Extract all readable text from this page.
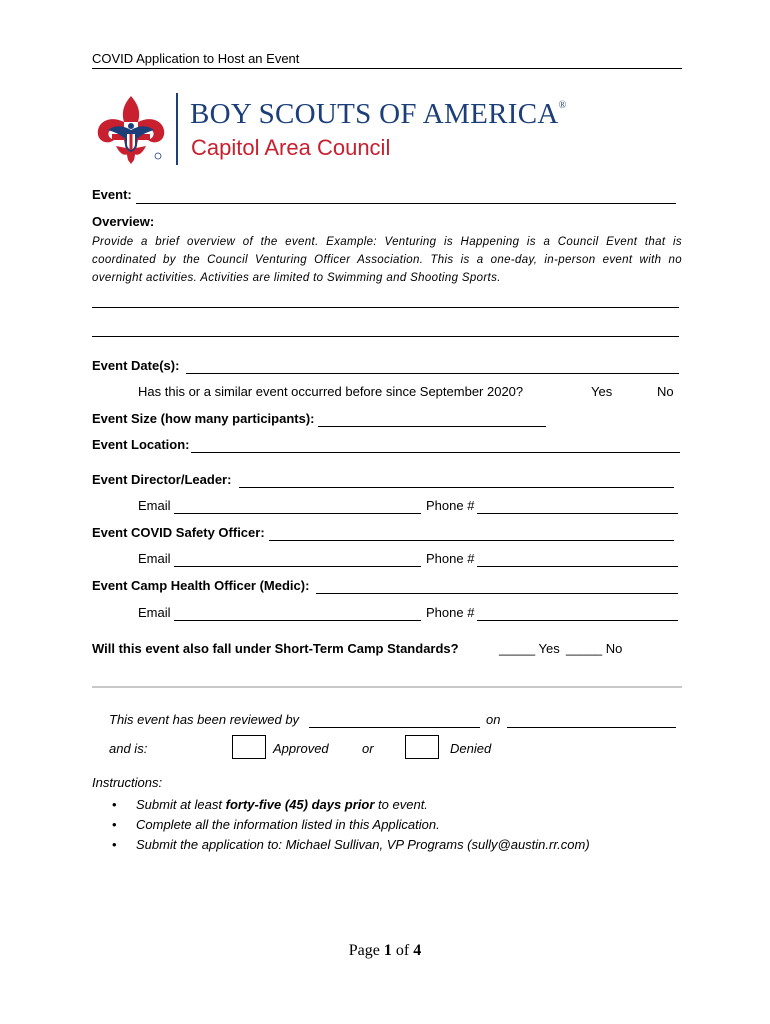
COVID Application to Host an Event
BOY SCOUTS OF AMERICA®
Capitol Area Council
Event:
Overview:
Provide a brief overview of the event. Example: Venturing is Happening is a Council Event that is coordinated by the Council Venturing Officer Association. This is a one-day, in-person event with no overnight activities. Activities are limited to Swimming and Shooting Sports.
Event Date(s):
Has this or a similar event occurred before since September 2020?	Yes	No
Event Size (how many participants):
Event Location:
Event Director/Leader:
Email	Phone #
Event COVID Safety Officer:
Email	Phone #
Event Camp Health Officer (Medic):
Email	Phone #
Will this event also fall under Short-Term Camp Standards?	_____ Yes _____ No
This event has been reviewed by	on
and is:	Approved	or	Denied
Instructions:
• Submit at least forty-five (45) days prior to event.
• Complete all the information listed in this Application.
• Submit the application to: Michael Sullivan, VP Programs (sully@austin.rr.com)
Page 1 of 4
